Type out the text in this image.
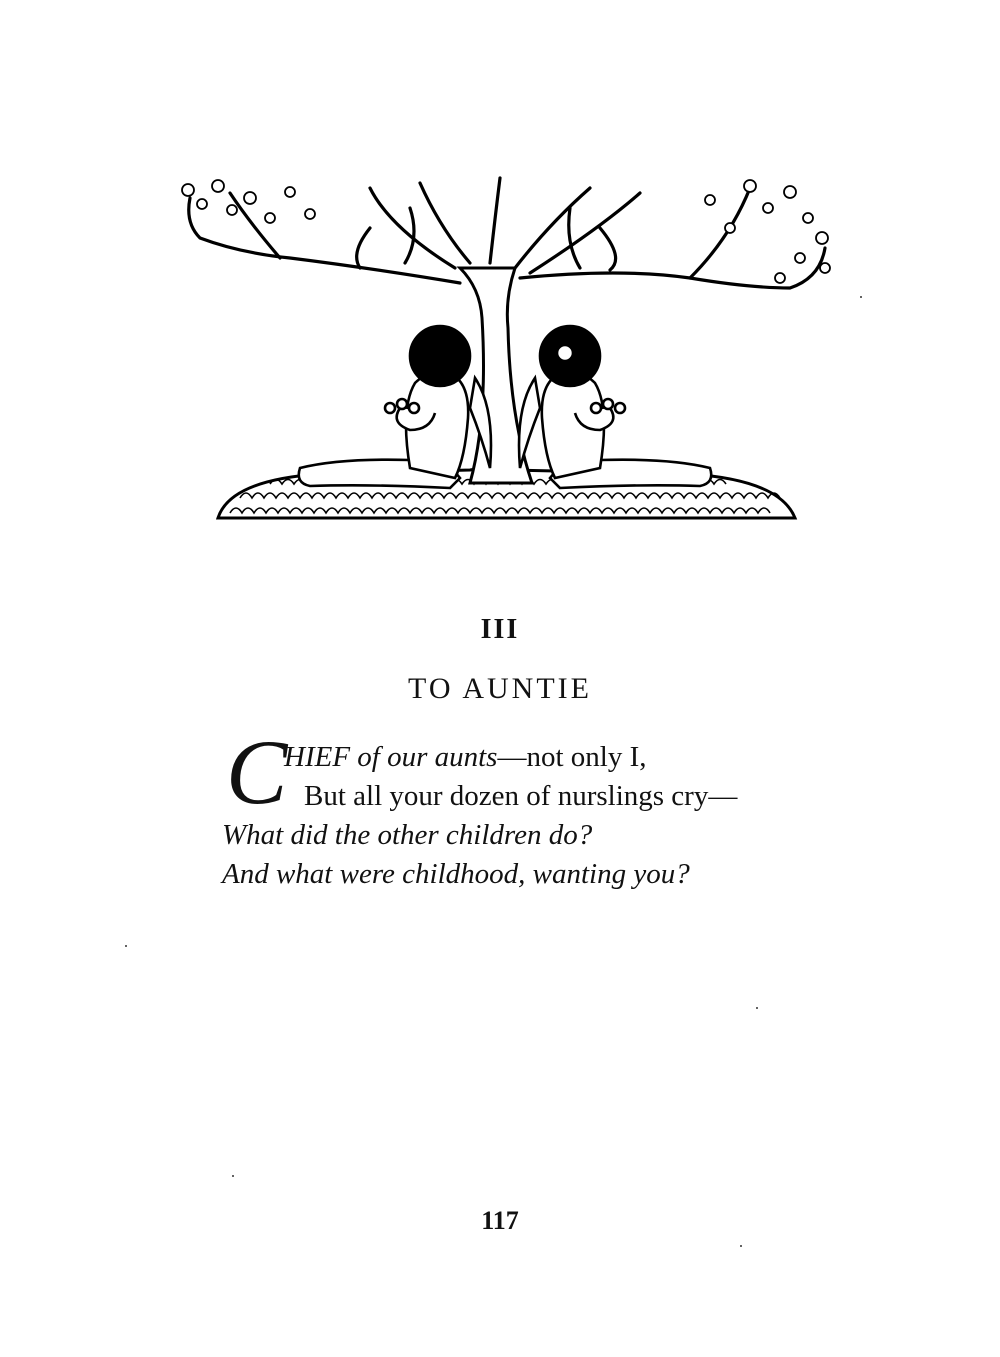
III
TO AUNTIE
C
HIEF of our aunts—not only I,
But all your dozen of nurslings cry—
What did the other children do?
And what were childhood, wanting you?
117
